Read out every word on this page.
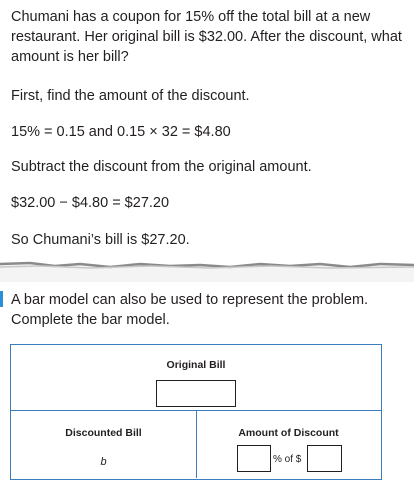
Chumani has a coupon for 15% off the total bill at a new restaurant. Her original bill is $32.00. After the discount, what amount is her bill?

First, find the amount of the discount.

15% = 0.15 and 0.15 × 32 = $4.80

Subtract the discount from the original amount.

$32.00 − $4.80 = $27.20

So Chumani’s bill is $27.20.

A bar model can also be used to represent the problem. Complete the bar model.

Original Bill
Discounted Bill
b
Amount of Discount
% of $
